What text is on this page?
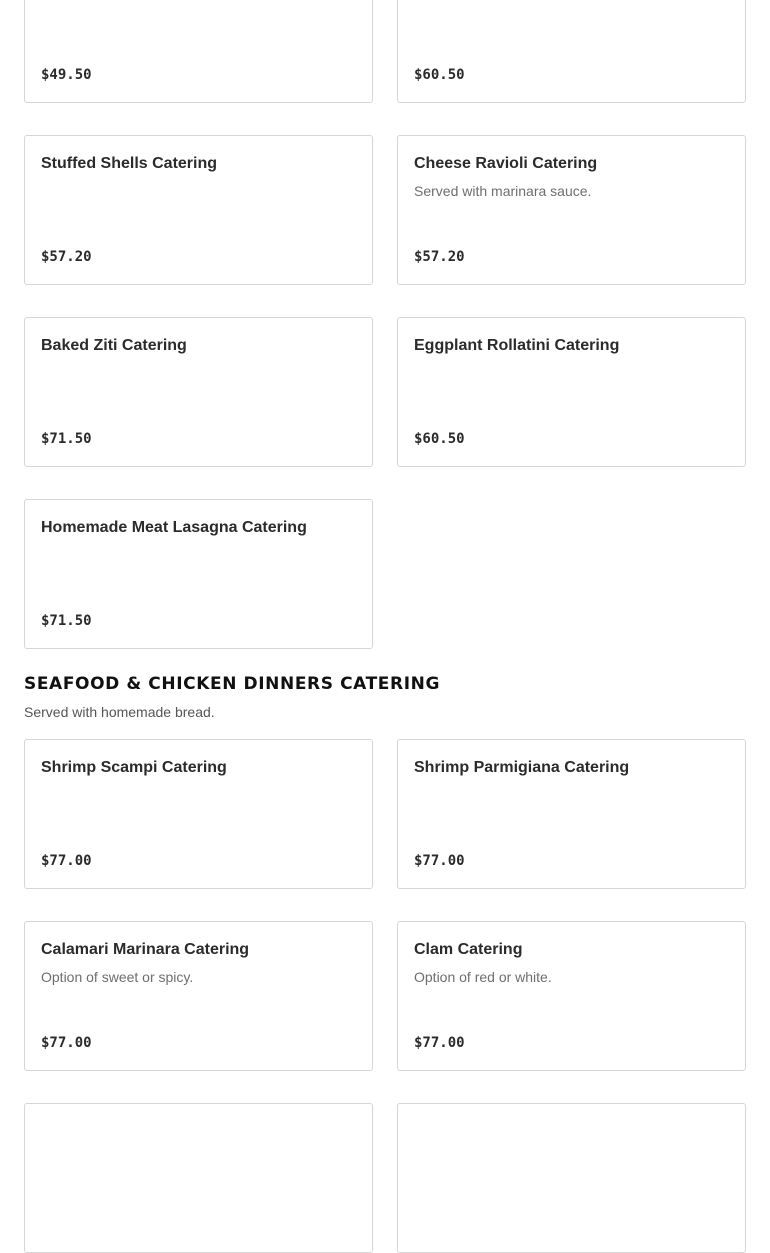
$49.50	$60.50
Stuffed Shells Catering
$57.20
Cheese Ravioli Catering
Served with marinara sauce.
$57.20
Baked Ziti Catering
$71.50
Eggplant Rollatini Catering
$60.50
Homemade Meat Lasagna Catering
$71.50
SEAFOOD & CHICKEN DINNERS CATERING
Served with homemade bread.
Shrimp Scampi Catering
$77.00
Shrimp Parmigiana Catering
$77.00
Calamari Marinara Catering
Option of sweet or spicy.
$77.00
Clam Catering
Option of red or white.
$77.00
